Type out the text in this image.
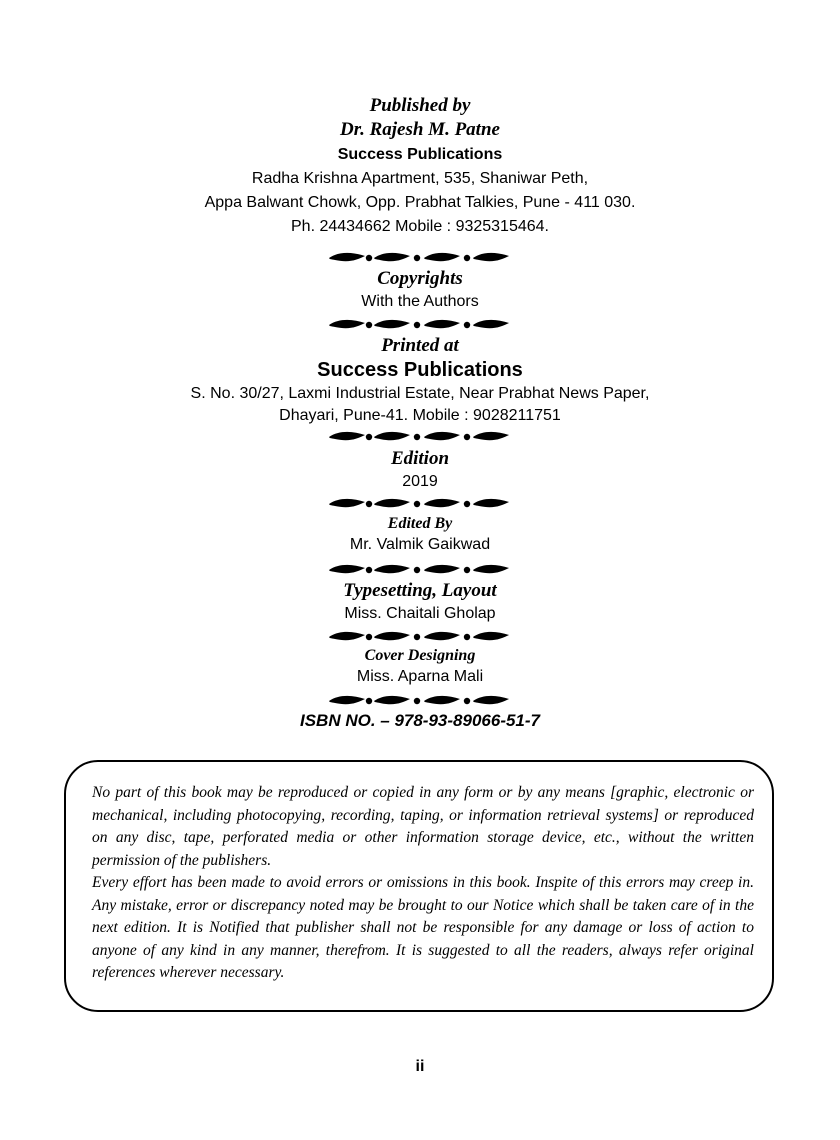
Published by
Dr. Rajesh M. Patne
Success Publications
Radha Krishna Apartment, 535, Shaniwar Peth,
Appa Balwant Chowk, Opp. Prabhat Talkies, Pune - 411 030.
Ph. 24434662 Mobile : 9325315464.
Copyrights
With the Authors
Printed at
Success Publications
S. No. 30/27, Laxmi Industrial Estate, Near Prabhat News Paper,
Dhayari, Pune-41. Mobile : 9028211751
Edition
2019
Edited By
Mr. Valmik Gaikwad
Typesetting, Layout
Miss. Chaitali Gholap
Cover Designing
Miss. Aparna Mali
ISBN NO. – 978-93-89066-51-7

No part of this book may be reproduced or copied in any form or by any means [graphic, electronic or mechanical, including photocopying, recording, taping, or information retrieval systems] or reproduced on any disc, tape, perforated media or other information storage device, etc., without the written permission of the publishers.

Every effort has been made to avoid errors or omissions in this book. Inspite of this errors may creep in. Any mistake, error or discrepancy noted may be brought to our Notice which shall be taken care of in the next edition. It is Notified that publisher shall not be responsible for any damage or loss of action to anyone of any kind in any manner, therefrom. It is suggested to all the readers, always refer original references wherever necessary.

ii
